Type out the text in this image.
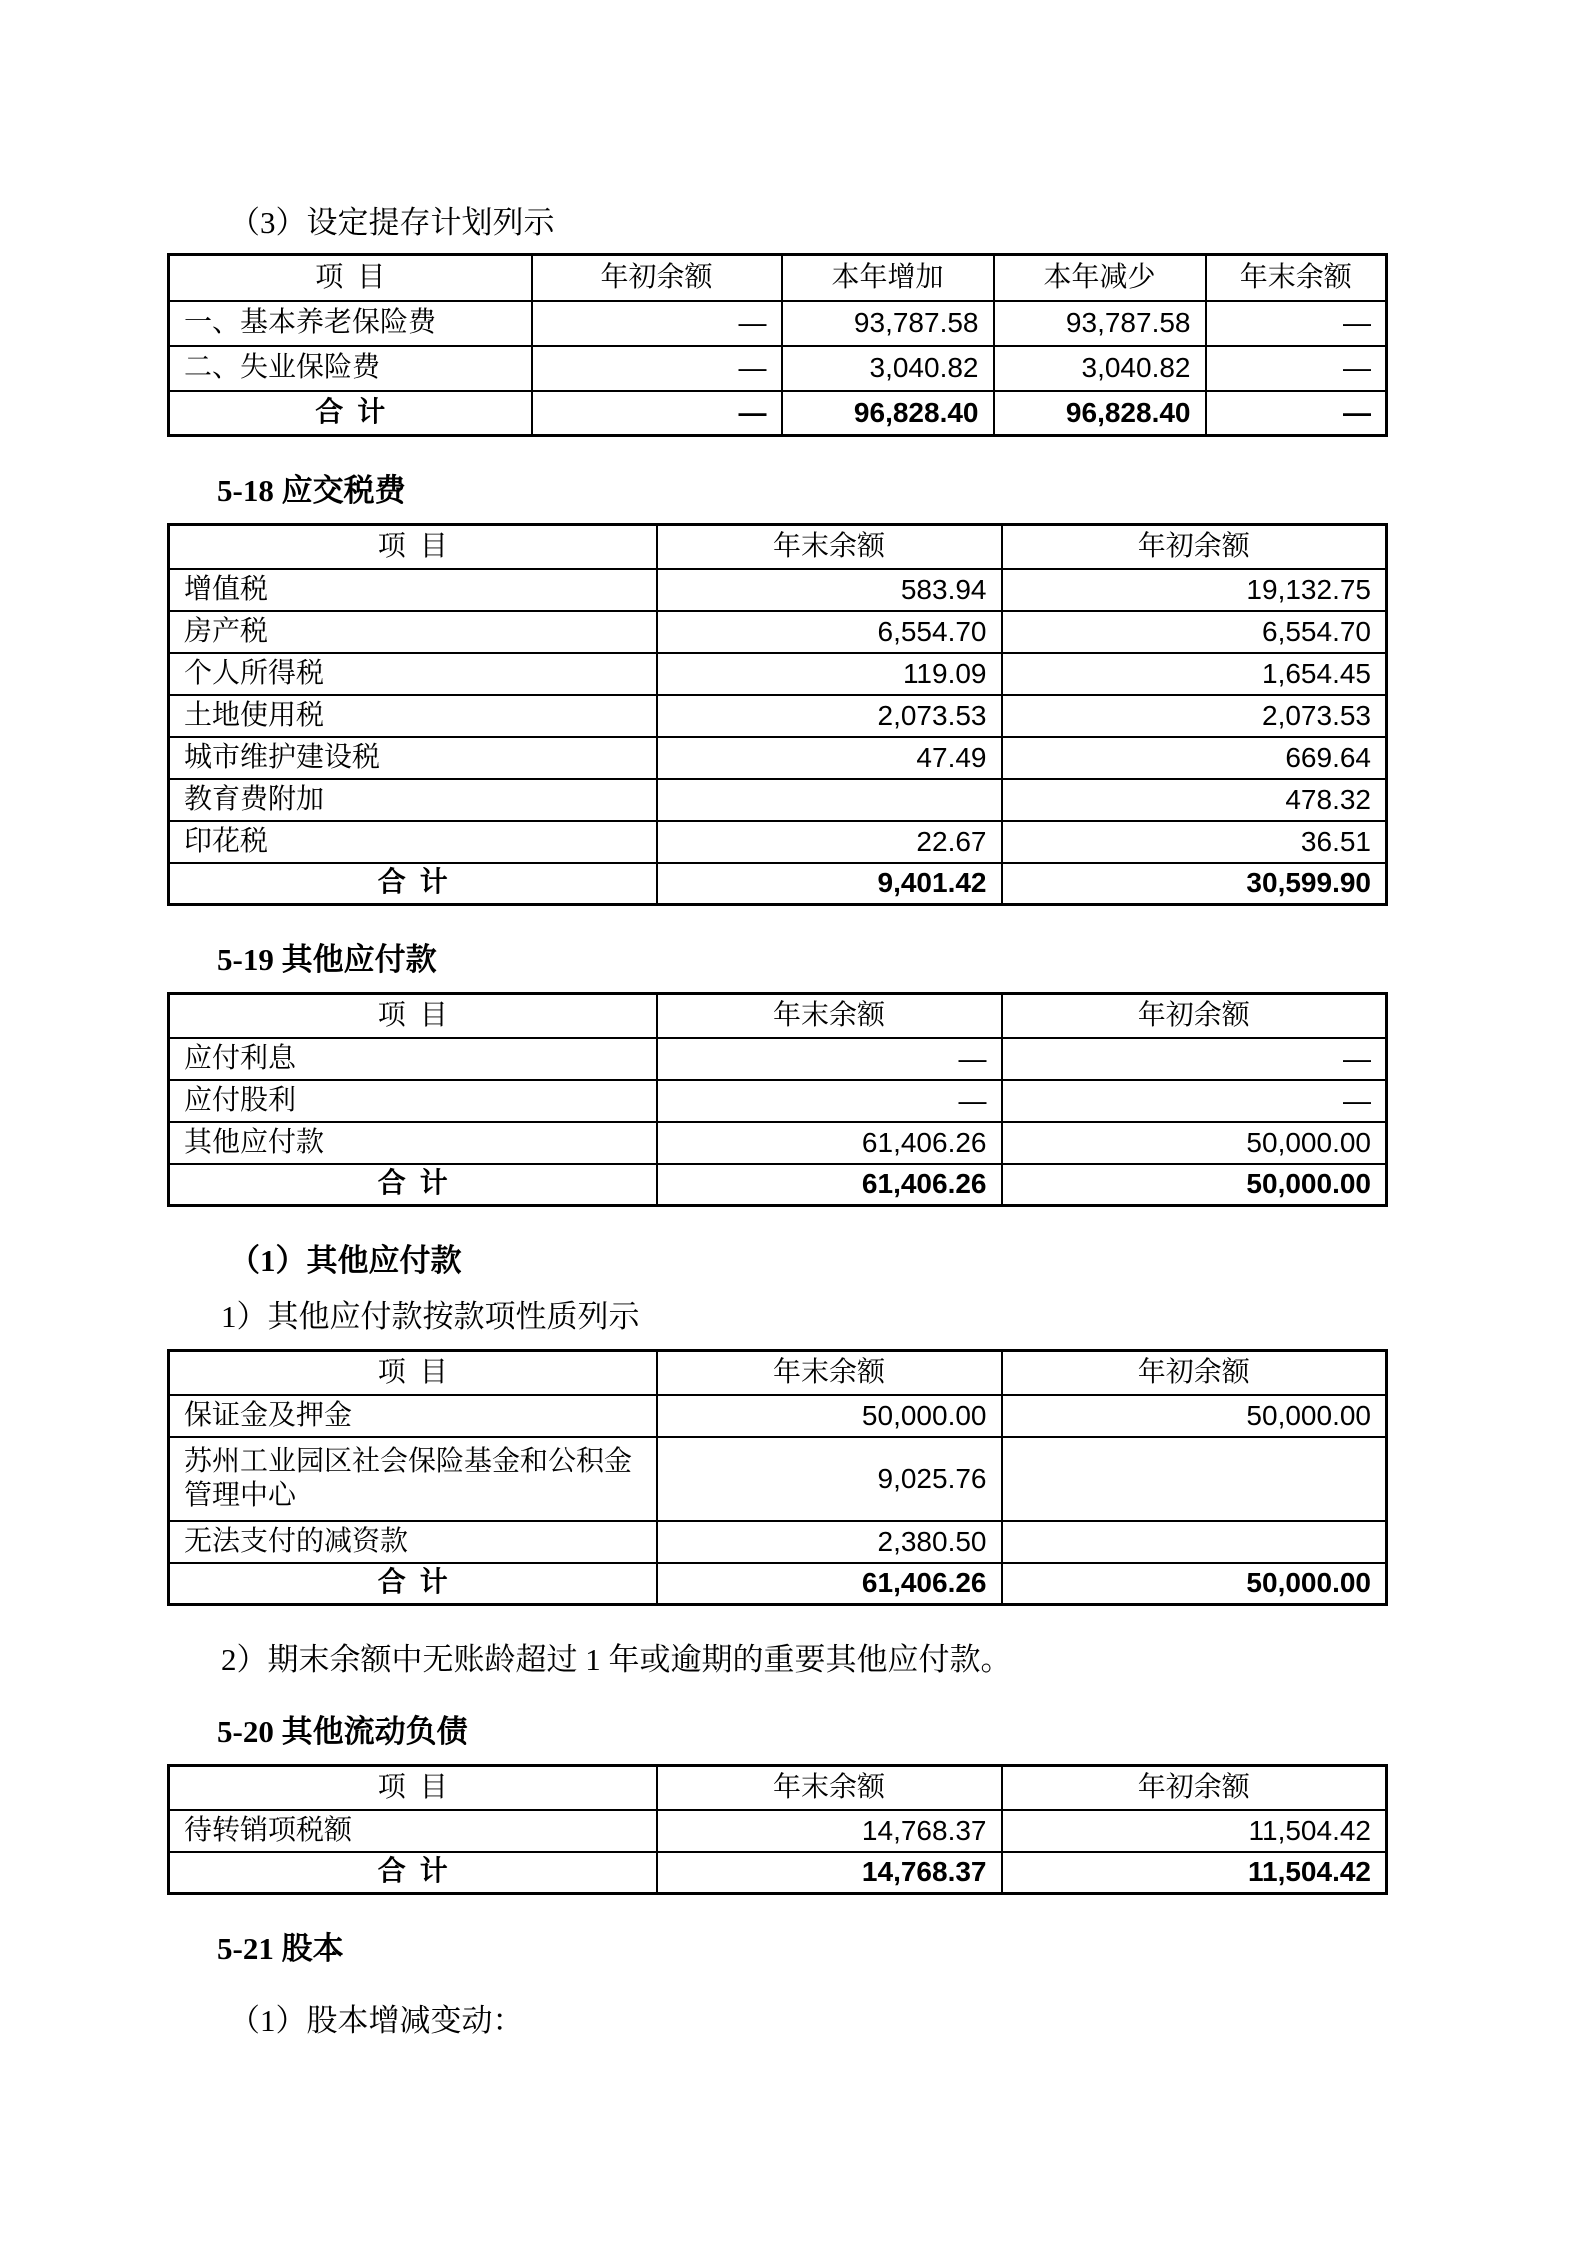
（3）设定提存计划列示
项  目	年初余额	本年增加	本年减少	年末余额
一、基本养老保险费	—	93,787.58	93,787.58	—
二、失业保险费	—	3,040.82	3,040.82	—
合  计	—	96,828.40	96,828.40	—
5-18 应交税费
项  目	年末余额	年初余额
增值税	583.94	19,132.75
房产税	6,554.70	6,554.70
个人所得税	119.09	1,654.45
土地使用税	2,073.53	2,073.53
城市维护建设税	47.49	669.64
教育费附加		478.32
印花税	22.67	36.51
合  计	9,401.42	30,599.90
5-19 其他应付款
项  目	年末余额	年初余额
应付利息	—	—
应付股利	—	—
其他应付款	61,406.26	50,000.00
合  计	61,406.26	50,000.00
（1）其他应付款
1）其他应付款按款项性质列示
项  目	年末余额	年初余额
保证金及押金	50,000.00	50,000.00
苏州工业园区社会保险基金和公积金管理中心	9,025.76	
无法支付的减资款	2,380.50	
合  计	61,406.26	50,000.00
2）期末余额中无账龄超过 1 年或逾期的重要其他应付款。
5-20 其他流动负债
项  目	年末余额	年初余额
待转销项税额	14,768.37	11,504.42
合  计	14,768.37	11,504.42
5-21 股本
（1）股本增减变动：
